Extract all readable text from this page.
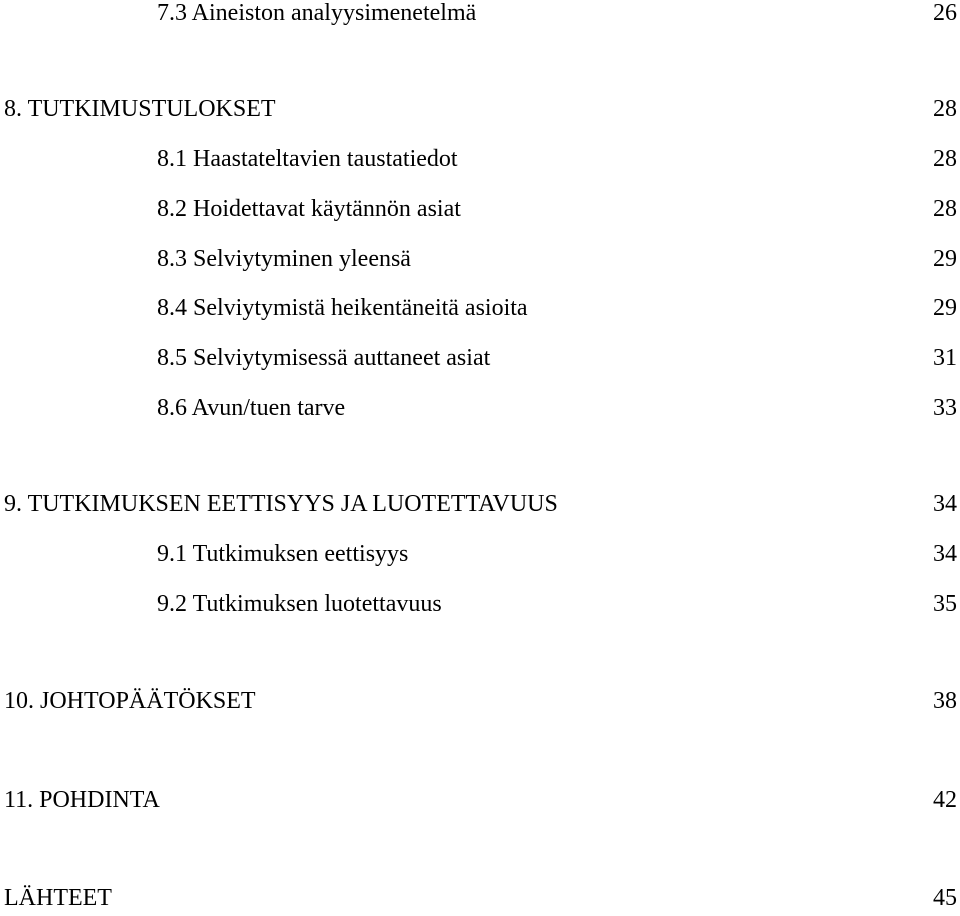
7.3 Aineiston analyysimenetelmä	26
8. TUTKIMUSTULOKSET	28
8.1 Haastateltavien taustatiedot	28
8.2 Hoidettavat käytännön asiat	28
8.3 Selviytyminen yleensä	29
8.4 Selviytymistä heikentäneitä asioita	29
8.5 Selviytymisessä auttaneet asiat	31
8.6 Avun/tuen tarve	33
9. TUTKIMUKSEN EETTISYYS JA LUOTETTAVUUS	34
9.1 Tutkimuksen eettisyys	34
9.2 Tutkimuksen luotettavuus	35
10. JOHTOPÄÄTÖKSET	38
11. POHDINTA	42
LÄHTEET	45
